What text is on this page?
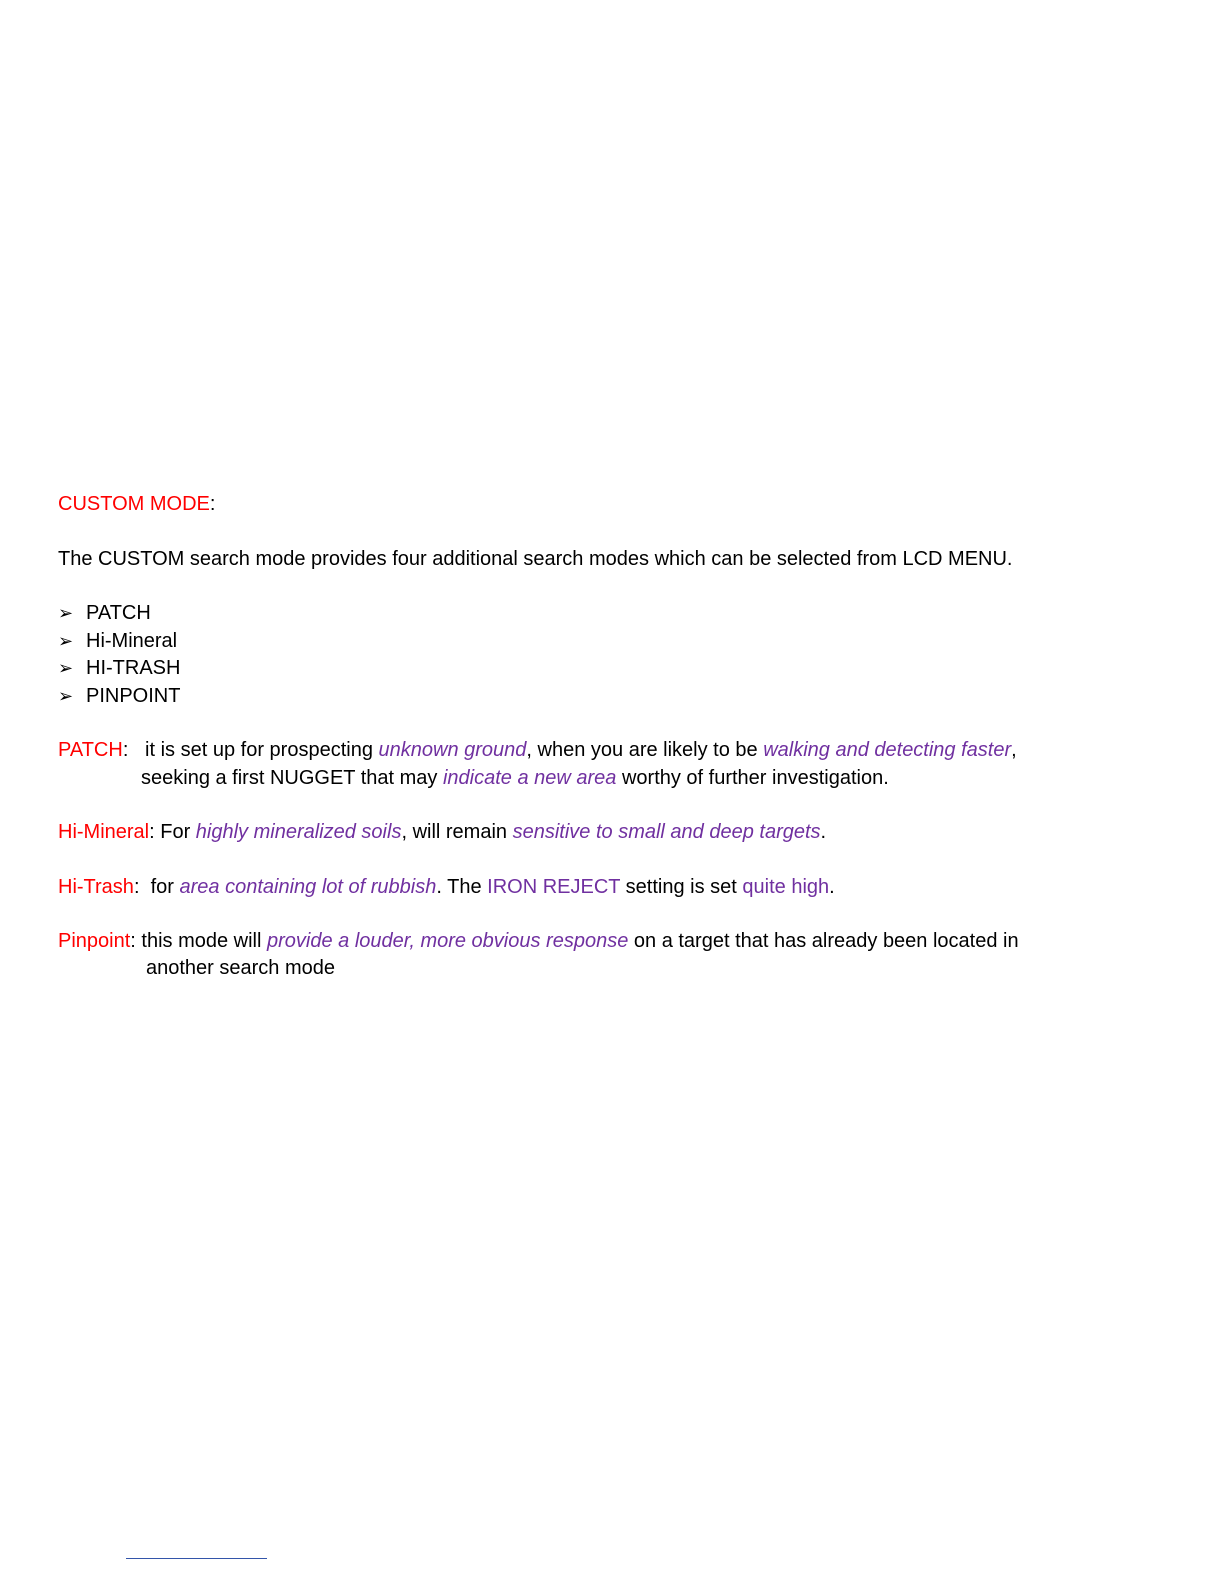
CUSTOM MODE:
The CUSTOM search mode provides four additional search modes which can be selected from LCD MENU.
➢ PATCH
➢ Hi-Mineral
➢ HI-TRASH
➢ PINPOINT
PATCH:   it is set up for prospecting unknown ground, when you are likely to be walking and detecting faster,
seeking a first NUGGET that may indicate a new area worthy of further investigation.
Hi-Mineral: For highly mineralized soils, will remain sensitive to small and deep targets.
Hi-Trash:  for area containing lot of rubbish. The IRON REJECT setting is set quite high.
Pinpoint: this mode will provide a louder, more obvious response on a target that has already been located in
another search mode
